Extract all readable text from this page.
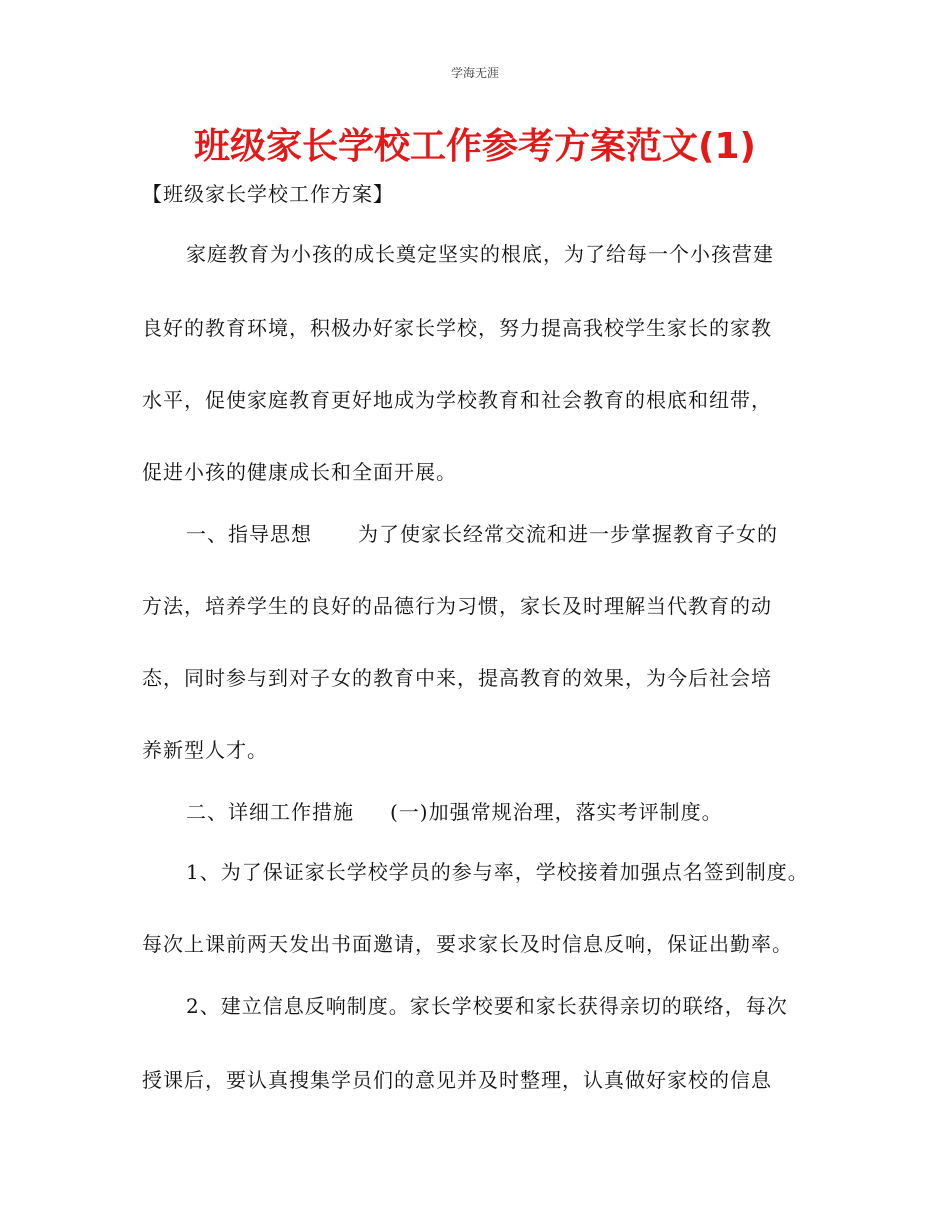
学海无涯
班级家长学校工作参考方案范文(1)
【班级家长学校工作方案】
家庭教育为小孩的成长奠定坚实的根底，为了给每一个小孩营建
良好的教育环境，积极办好家长学校，努力提高我校学生家长的家教
水平，促使家庭教育更好地成为学校教育和社会教育的根底和纽带，
促进小孩的健康成长和全面开展。
一、指导思想 为了使家长经常交流和进一步掌握教育子女的
方法，培养学生的良好的品德行为习惯，家长及时理解当代教育的动
态，同时参与到对子女的教育中来，提高教育的效果，为今后社会培
养新型人才。
二、详细工作措施 (一)加强常规治理，落实考评制度。
1、为了保证家长学校学员的参与率，学校接着加强点名签到制度。
每次上课前两天发出书面邀请，要求家长及时信息反响，保证出勤率。
2、建立信息反响制度。家长学校要和家长获得亲切的联络，每次
授课后，要认真搜集学员们的意见并及时整理，认真做好家校的信息
